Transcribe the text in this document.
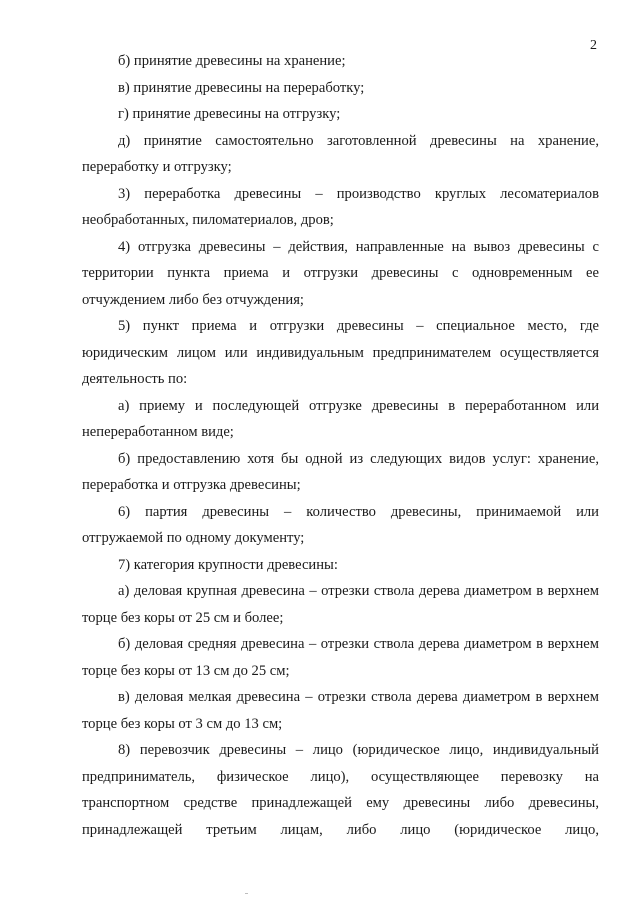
2

б) принятие древесины на хранение;

в) принятие древесины на переработку;

г) принятие древесины на отгрузку;

д) принятие самостоятельно заготовленной древесины на хранение, переработку и отгрузку;

3) переработка древесины – производство круглых лесоматериалов необработанных, пиломатериалов, дров;

4) отгрузка древесины – действия, направленные на вывоз древесины с территории пункта приема и отгрузки древесины с одновременным ее отчуждением либо без отчуждения;

5) пункт приема и отгрузки древесины – специальное место, где юридическим лицом или индивидуальным предпринимателем осуществляется деятельность по:

а) приему и последующей отгрузке древесины в переработанном или непереработанном виде;

б) предоставлению хотя бы одной из следующих видов услуг: хранение, переработка и отгрузка древесины;

6) партия древесины – количество древесины, принимаемой или отгружаемой по одному документу;

7) категория крупности древесины:

а) деловая крупная древесина – отрезки ствола дерева диаметром в верхнем торце без коры от 25 см и более;

б) деловая средняя древесина – отрезки ствола дерева диаметром в верхнем торце без коры от 13 см до 25 см;

в) деловая мелкая древесина – отрезки ствола дерева диаметром в верхнем торце без коры от 3 см до 13 см;

8) перевозчик древесины – лицо (юридическое лицо, индивидуальный предприниматель, физическое лицо), осуществляющее перевозку на транспортном средстве принадлежащей ему древесины либо древесины, принадлежащей третьим лицам, либо лицо (юридическое лицо,
